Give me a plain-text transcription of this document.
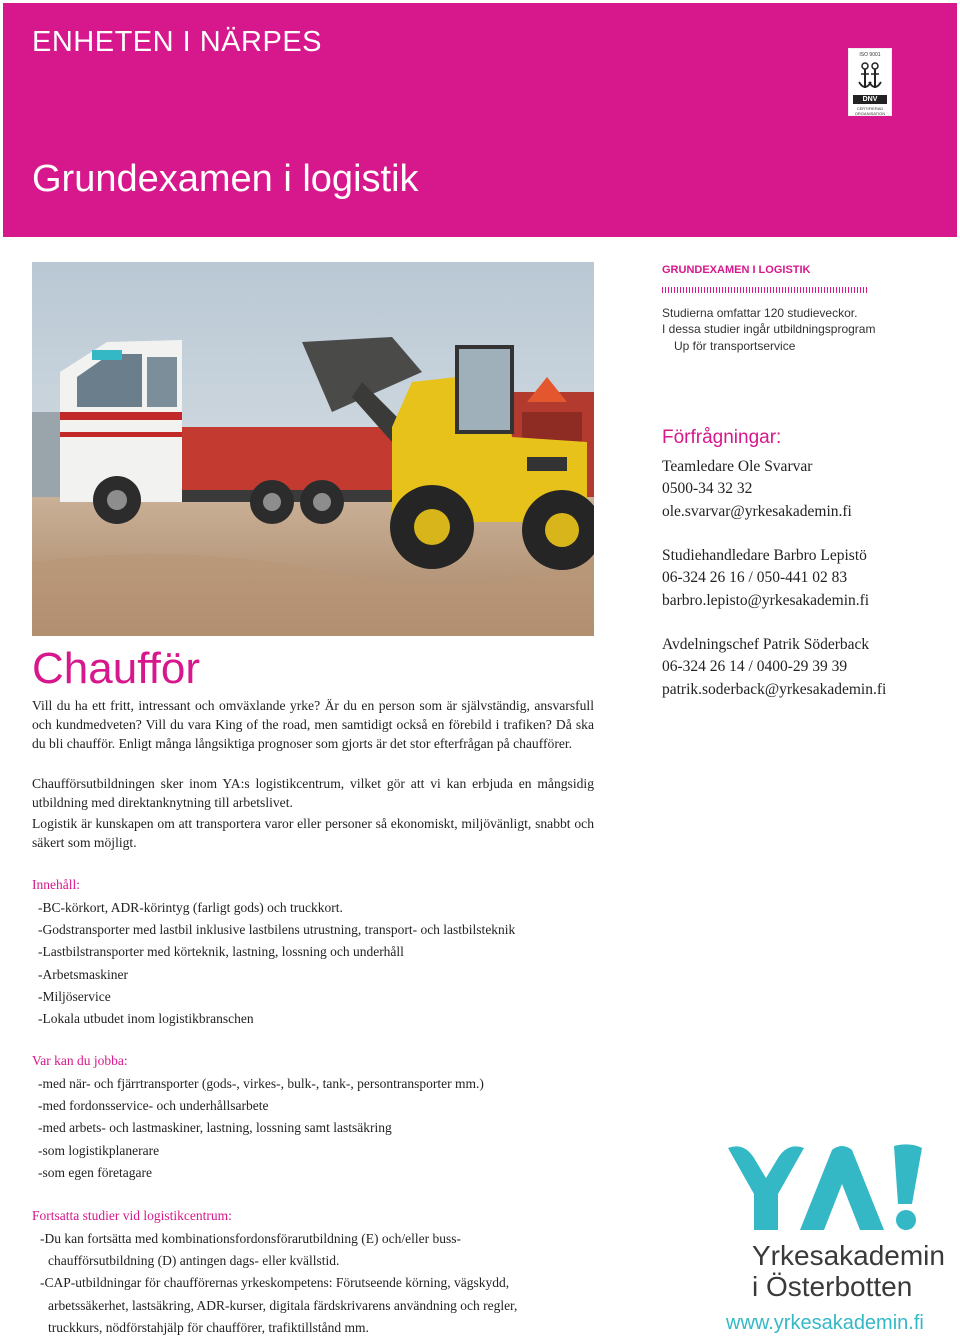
ENHETEN I NÄRPES
Grundexamen i logistik
ISO 9001
DNV
CERTIFIERAD ORGANISATION
GRUNDEXAMEN I LOGISTIK
Studierna omfattar 120 studieveckor.
I dessa studier ingår utbildningsprogram
Up för transportservice
Förfrågningar:
Teamledare Ole Svarvar
0500-34 32 32
ole.svarvar@yrkesakademin.fi
Studiehandledare Barbro Lepistö
06-324 26 16 / 050-441 02 83
barbro.lepisto@yrkesakademin.fi
Avdelningschef Patrik Söderback
06-324 26 14 / 0400-29 39 39
patrik.soderback@yrkesakademin.fi
Chaufför
Vill du ha ett fritt, intressant och omväxlande yrke? Är du en person som är självständig, ansvarsfull och kundmedveten? Vill du vara King of the road, men samtidigt också en förebild i trafiken? Då ska du bli chaufför. Enligt många långsiktiga prognoser som gjorts är det stor efterfrågan på chaufförer.
Chaufförsutbildningen sker inom YA:s logistikcentrum, vilket gör att vi kan erbjuda en mångsidig utbildning med direktanknytning till arbetslivet.
Logistik är kunskapen om att transportera varor eller personer så ekonomiskt, miljövänligt, snabbt och säkert som möjligt.
Innehåll:
-BC-körkort, ADR-körintyg (farligt gods) och truckkort.
-Godstransporter med lastbil inklusive lastbilens utrustning, transport- och lastbilsteknik
-Lastbilstransporter med körteknik, lastning, lossning och underhåll
-Arbetsmaskiner
-Miljöservice
-Lokala utbudet inom logistikbranschen
Var kan du jobba:
-med när- och fjärrtransporter (gods-, virkes-, bulk-, tank-, persontransporter mm.)
-med fordonsservice- och underhållsarbete
-med arbets- och lastmaskiner, lastning, lossning samt lastsäkring
-som logistikplanerare
-som egen företagare
Fortsatta studier vid logistikcentrum:
-Du kan fortsätta med kombinationsfordonsförarutbildning (E) och/eller buss-
chaufförsutbildning (D) antingen dags- eller kvällstid.
-CAP-utbildningar för chaufförernas yrkeskompetens: Förutseende körning, vägskydd,
arbetssäkerhet, lastsäkring, ADR-kurser, digitala färdskrivarens användning och regler,
truckkurs, nödförstahjälp för chaufförer, trafiktillstånd mm.
Yrkesakademin
i Österbotten
www.yrkesakademin.fi
